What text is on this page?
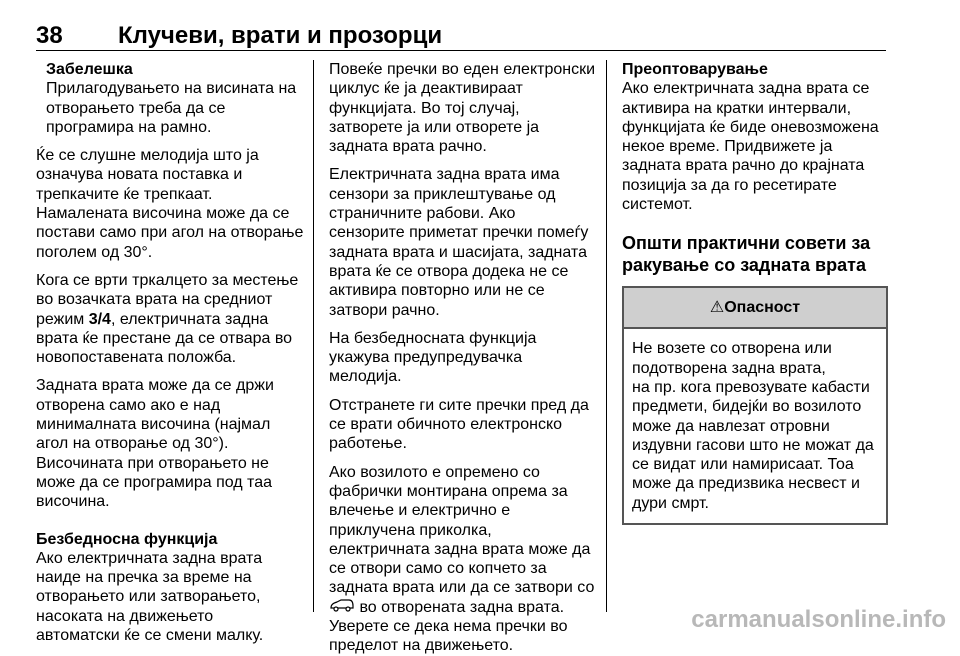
38 Клучеви, врати и прозорци
Забелешка
Прилагодувањето на висината на
отворањето треба да се
програмира на рамно.
Ќе се слушне мелодија што ја
означува новата поставка и
трепкачите ќе трепкаат.
Намалената височина може да се
постави само при агол на отворање
поголем од 30°.
Кога се врти тркалцето за местење
во возачката врата на средниот
режим 3/4, електричната задна
врата ќе престане да се отвара во
новопоставената положба.
Задната врата може да се држи
отворена само ако е над
минималната височина (најмал
агол на отворање од 30°).
Височината при отворањето не
може да се програмира под таа
височина.
Безбедносна функција
Ако електричната задна врата
наиде на пречка за време на
отворањето или затворањето,
насоката на движењето
автоматски ќе се смени малку.
Повеќе пречки во еден електронски
циклус ќе ја деактивираат
функцијата. Во тој случај,
затворете ја или отворете ја
задната врата рачно.
Електричната задна врата има
сензори за приклештување од
страничните рабови. Ако
сензорите приметат пречки помеѓу
задната врата и шасијата, задната
врата ќе се отвора додека не се
активира повторно или не се
затвори рачно.
На безбедносната функција
укажува предупредувачка
мелодија.
Отстранете ги сите пречки пред да
се врати обичното електронско
работење.
Ако возилото е опремено со
фабрички монтирана опрема за
влечење и електрично е
приклучена приколка,
електричната задна врата може да
се отвори само со копчето за
задната врата или да се затвори со
во отворената задна врата.
Уверете се дека нема пречки во
пределот на движењето.
Преоптоварување
Ако електричната задна врата се
активира на кратки интервали,
функцијата ќе биде оневозможена
некое време. Придвижете ја
задната врата рачно до крајната
позиција за да го ресетирате
системот.
Општи практични совети за
ракување со задната врата
⚠Опасност
Не возете со отворена или
подотворена задна врата,
на пр. кога превозувате кабасти
предмети, бидејќи во возилото
може да навлезат отровни
издувни гасови што не можат да
се видат или намирисаат. Тоа
може да предизвика несвест и
дури смрт.
carmanualsonline.info
